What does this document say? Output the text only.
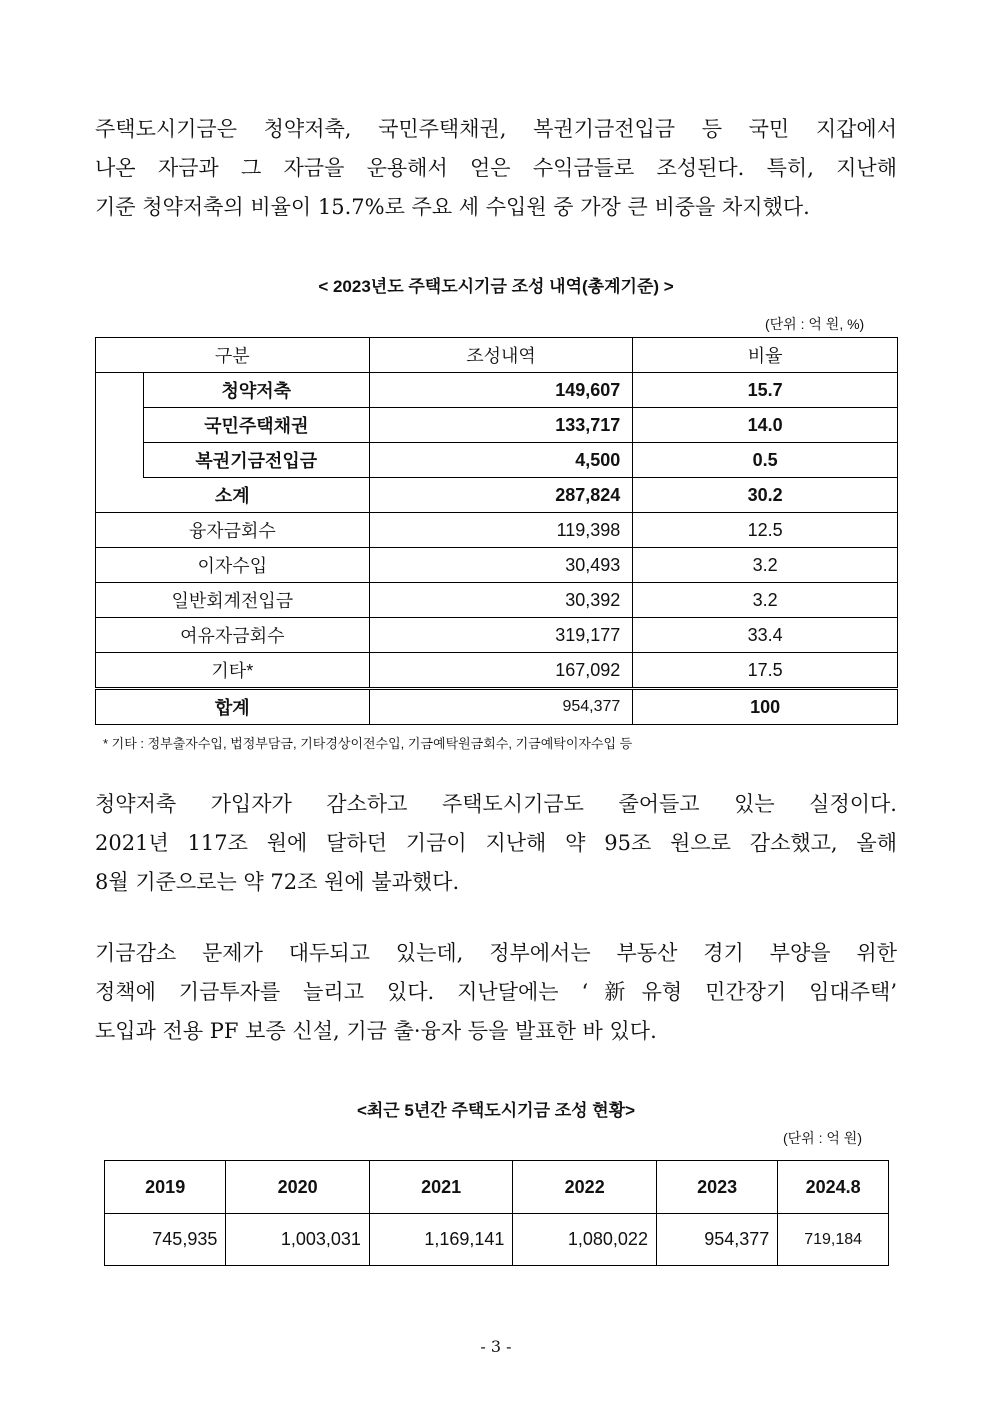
주택도시기금은 청약저축, 국민주택채권, 복권기금전입금 등 국민 지갑에서
나온 자금과 그 자금을 운용해서 얻은 수익금들로 조성된다. 특히, 지난해
기준 청약저축의 비율이 15.7%로 주요 세 수입원 중 가장 큰 비중을 차지했다.
< 2023년도 주택도시기금 조성 내역(총계기준) >
(단위 : 억 원, %)
구분		조성내역	비율
	청약저축	149,607	15.7
	국민주택채권	133,717	14.0
	복권기금전입금	4,500	0.5
소계		287,824	30.2
융자금회수		119,398	12.5
이자수입		30,493	3.2
일반회계전입금		30,392	3.2
여유자금회수		319,177	33.4
기타*		167,092	17.5
합계		954,377	100
* 기타 : 정부출자수입, 법정부담금, 기타경상이전수입, 기금예탁원금회수, 기금예탁이자수입 등
청약저축 가입자가 감소하고 주택도시기금도 줄어들고 있는 실정이다.
2021년 117조 원에 달하던 기금이 지난해 약 95조 원으로 감소했고, 올해
8월 기준으로는 약 72조 원에 불과했다.
기금감소 문제가 대두되고 있는데, 정부에서는 부동산 경기 부양을 위한
정책에 기금투자를 늘리고 있다. 지난달에는 ‘新유형 민간장기 임대주택’
도입과 전용 PF 보증 신설, 기금 출·융자 등을 발표한 바 있다.
<최근 5년간 주택도시기금 조성 현황>
(단위 : 억 원)
2019	2020	2021	2022	2023	2024.8
745,935	1,003,031	1,169,141	1,080,022	954,377	719,184
- 3 -
